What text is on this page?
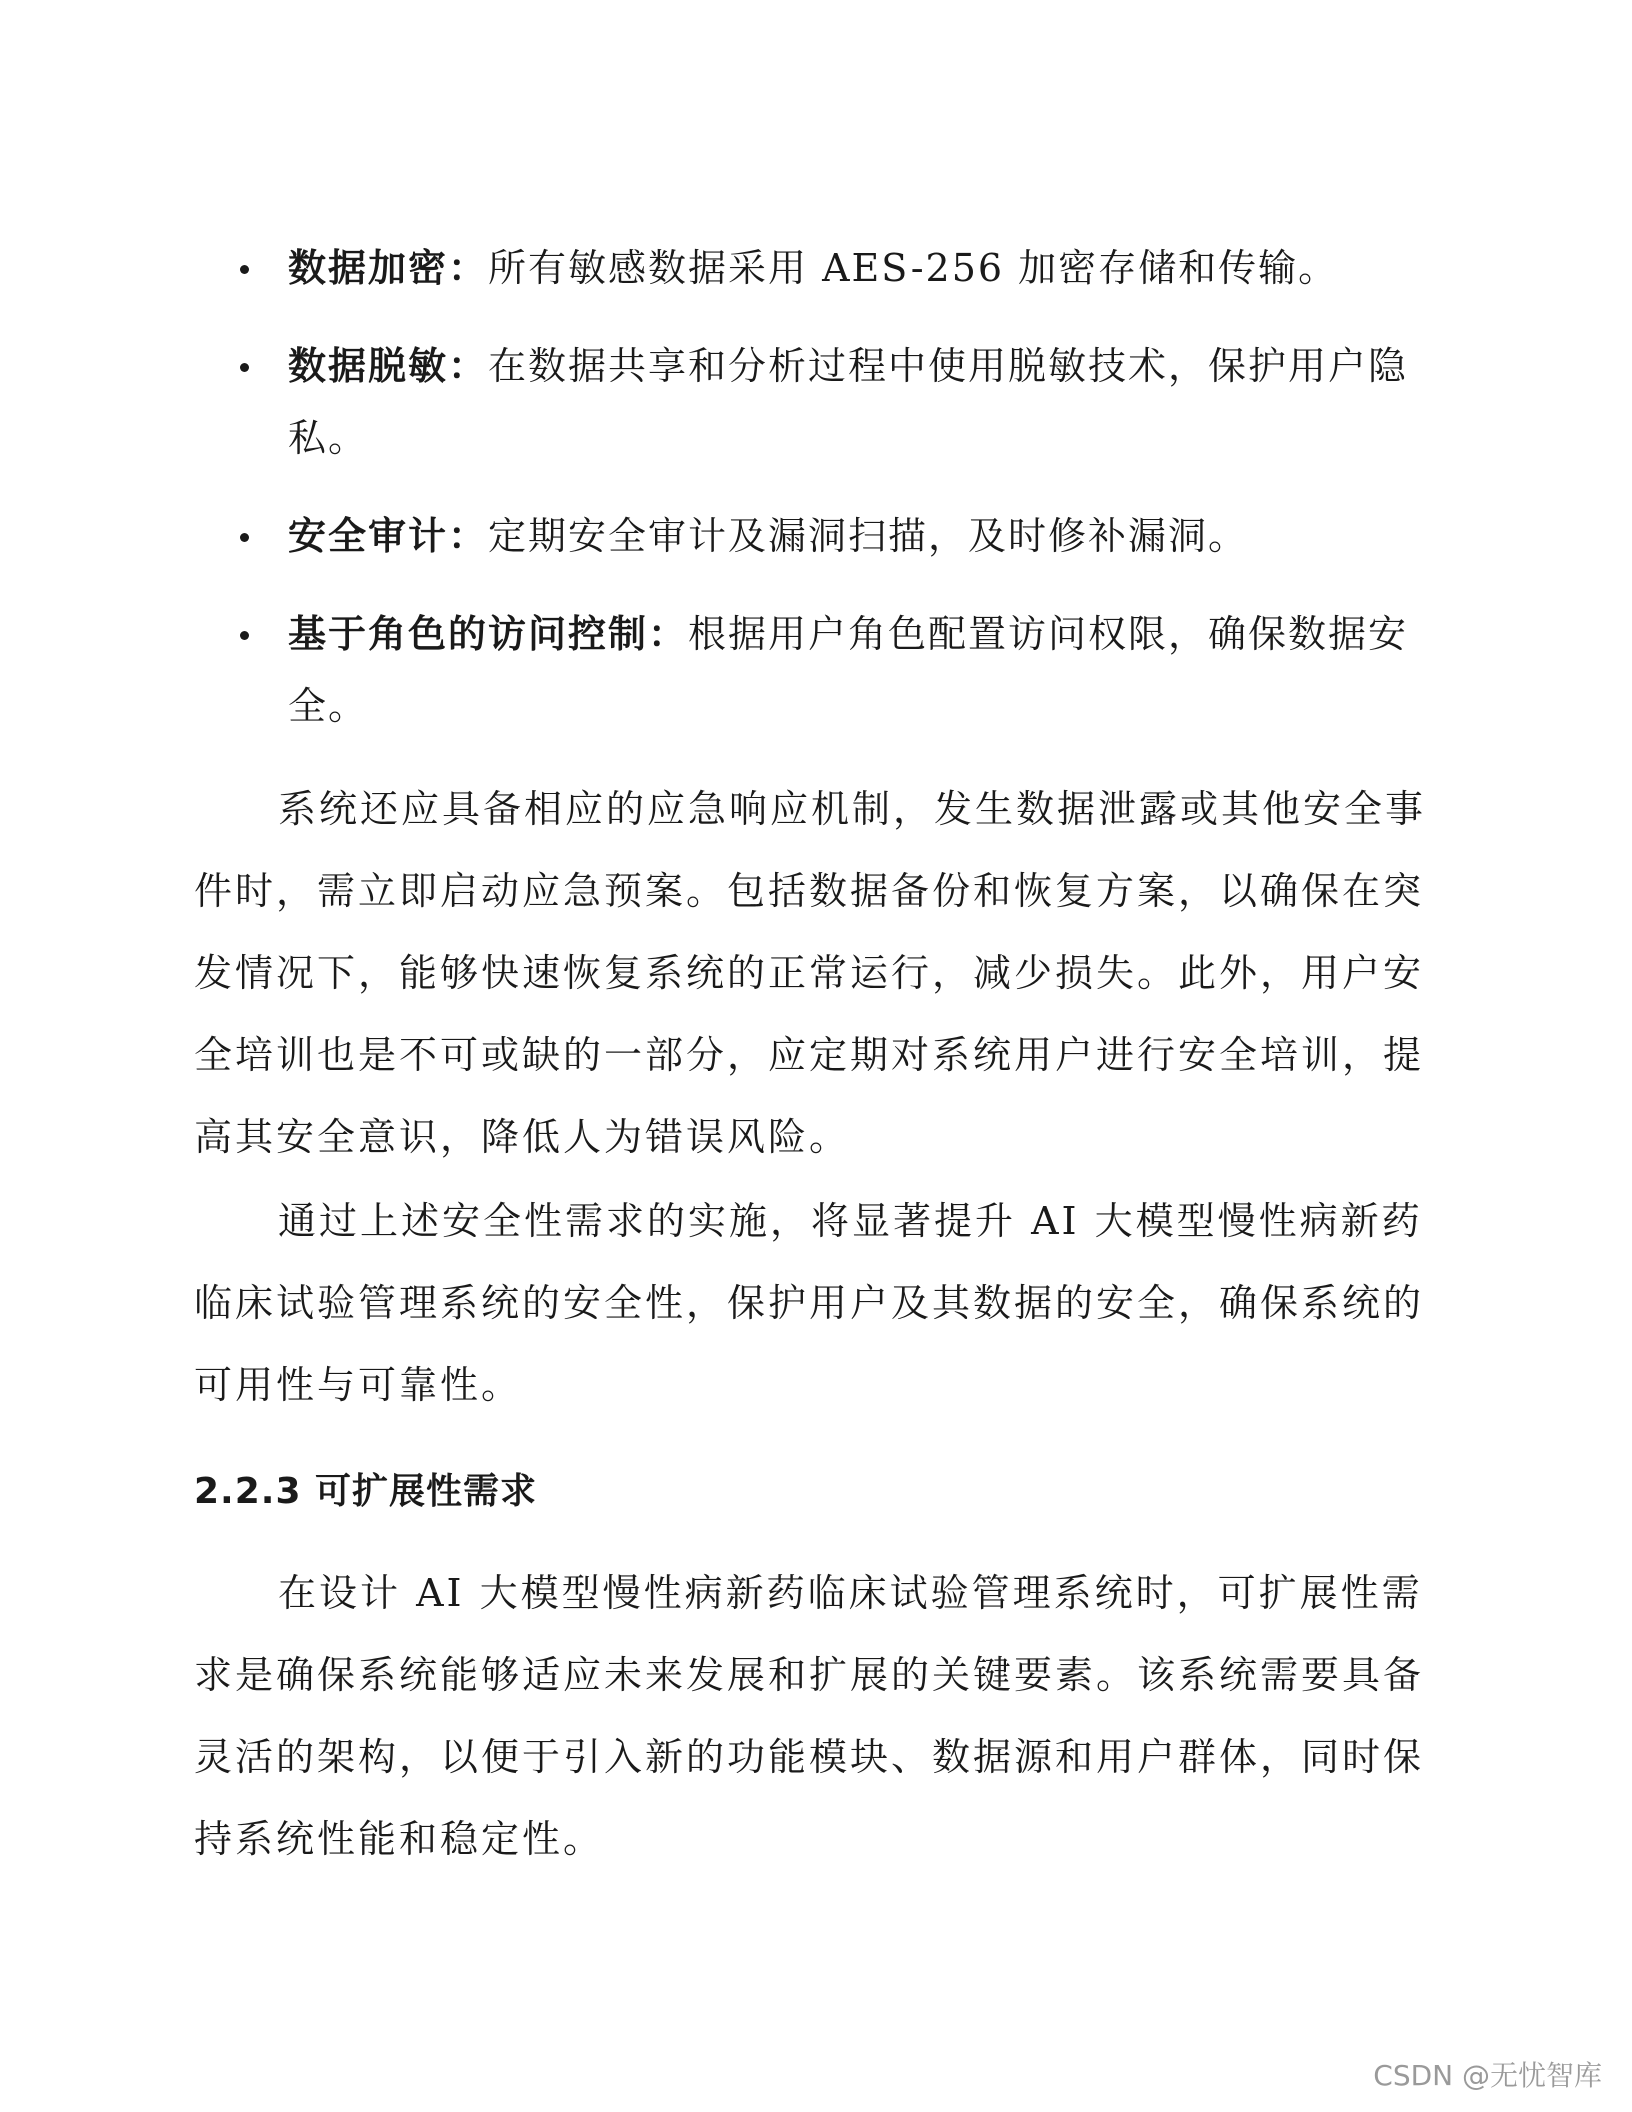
数据加密：所有敏感数据采用 AES-256 加密存储和传输。
数据脱敏：在数据共享和分析过程中使用脱敏技术，保护用户隐私。
安全审计：定期安全审计及漏洞扫描，及时修补漏洞。
基于角色的访问控制：根据用户角色配置访问权限，确保数据安全。

系统还应具备相应的应急响应机制，发生数据泄露或其他安全事件时，需立即启动应急预案。包括数据备份和恢复方案，以确保在突发情况下，能够快速恢复系统的正常运行，减少损失。此外，用户安全培训也是不可或缺的一部分，应定期对系统用户进行安全培训，提高其安全意识，降低人为错误风险。

通过上述安全性需求的实施，将显著提升 AI 大模型慢性病新药临床试验管理系统的安全性，保护用户及其数据的安全，确保系统的可用性与可靠性。

2.2.3 可扩展性需求

在设计 AI 大模型慢性病新药临床试验管理系统时，可扩展性需求是确保系统能够适应未来发展和扩展的关键要素。该系统需要具备灵活的架构，以便于引入新的功能模块、数据源和用户群体，同时保持系统性能和稳定性。

CSDN @无忧智库
